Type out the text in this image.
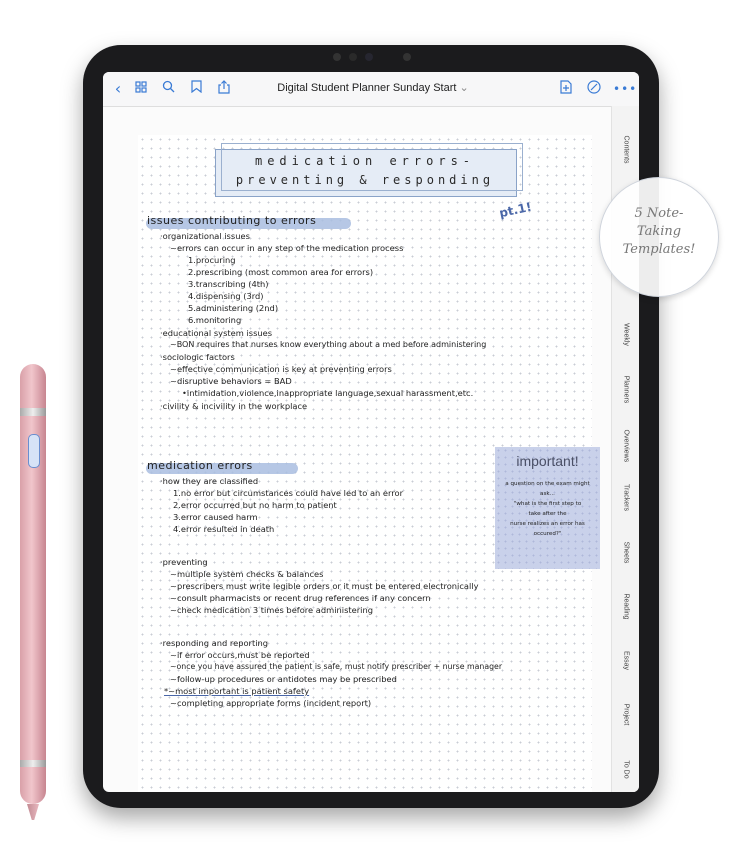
‹	Digital Student Planner Sunday Start ⌄	•••
Contents
Weekly
Planners
Overviews
Trackers
Sheets
Reading
Essay
Project
To Do
medication errors-
preventing & responding
pt.1!
issues contributing to errors
·organizational issues
~errors can occur in any step of the medication process
1.procuring
2.prescribing (most common area for errors)
3.transcribing (4th)
4.dispensing (3rd)
5.administering (2nd)
6.monitoring
·educational system issues
~BON requires that nurses know everything about a med before administering
·sociologic factors
~effective communication is key at preventing errors
~disruptive behaviors = BAD
•intimidation,violence,inappropriate language,sexual harassment,etc.
·civility & incivility in the workplace
medication errors
·how they are classified
1.no error but circumstances could have led to an error
2.error occurred but no harm to patient
3.error caused harm
4.error resulted in death
·preventing
~multiple system checks & balances
~prescribers must write legible orders or it must be entered electronically
~consult pharmacists or recent drug references if any concern
~check medication 3 times before administering
·responding and reporting
~if error occurs,must be reported
~once you have assured the patient is safe, must notify prescriber + nurse manager
~follow-up procedures or antidotes may be prescribed
*~most important is patient safety
~completing appropriate forms (incident report)
important!
a question on the exam might
ask...
"what is the first step to
take after the
nurse realizes an error has
occured?"
5 Note-
Taking
Templates!
